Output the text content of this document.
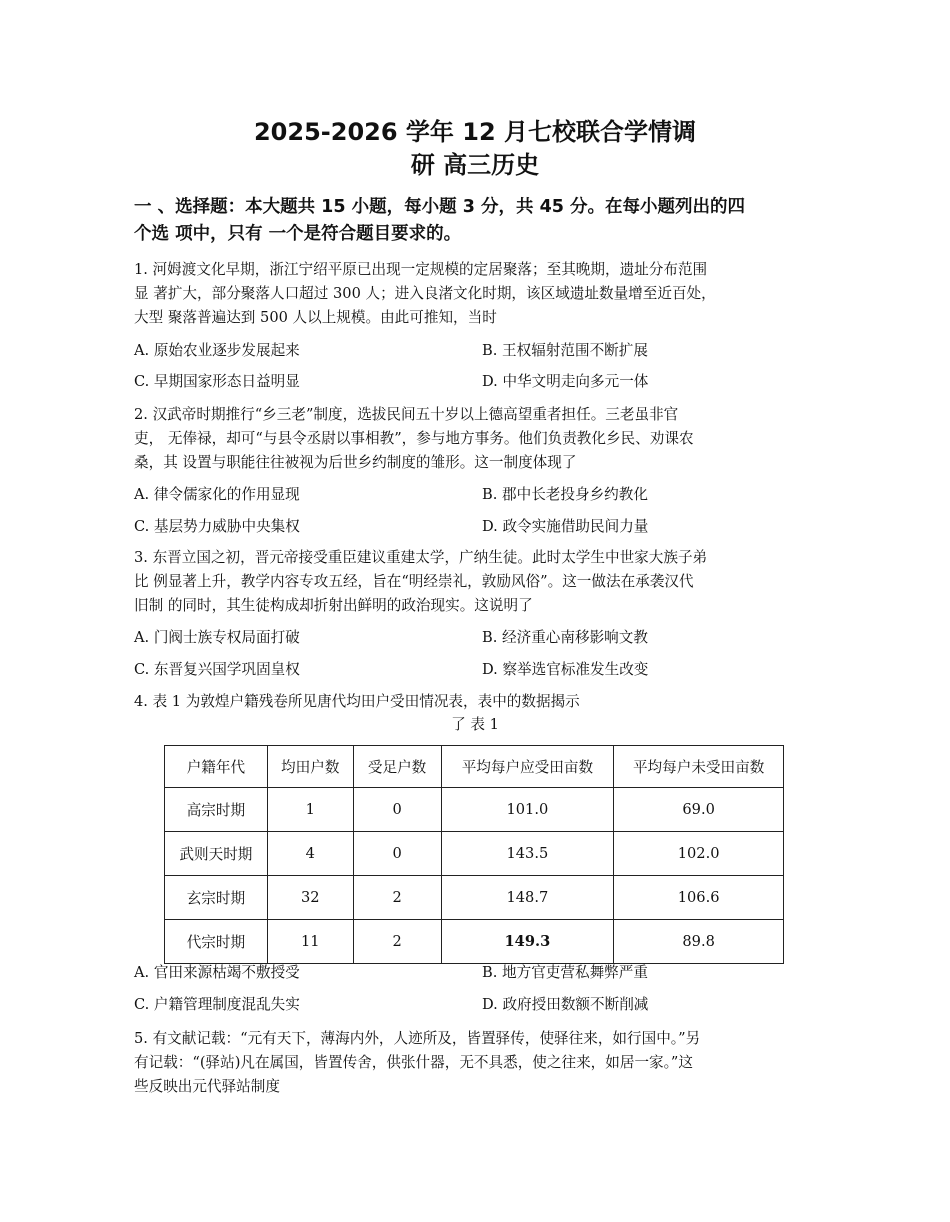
2025-2026 学年 12 月七校联合学情调
研 高三历史
一 、选择题：本大题共 15 小题，每小题 3 分，共 45 分。在每小题列出的四
个选 项中，只有 一个是符合题目要求的。
1. 河姆渡文化早期，浙江宁绍平原已出现一定规模的定居聚落；至其晚期，遗址分布范围
显 著扩大，部分聚落人口超过 300 人；进入良渚文化时期，该区域遗址数量增至近百处，
大型 聚落普遍达到 500 人以上规模。由此可推知，当时
A. 原始农业逐步发展起来	B. 王权辐射范围不断扩展
C. 早期国家形态日益明显	D. 中华文明走向多元一体
2. 汉武帝时期推行“乡三老”制度，选拔民间五十岁以上德高望重者担任。三老虽非官
吏， 无俸禄，却可“与县令丞尉以事相教”，参与地方事务。他们负责教化乡民、劝课农
桑，其 设置与职能往往被视为后世乡约制度的雏形。这一制度体现了
A. 律令儒家化的作用显现	B. 郡中长老投身乡约教化
C. 基层势力威胁中央集权	D. 政令实施借助民间力量
3. 东晋立国之初，晋元帝接受重臣建议重建太学，广纳生徒。此时太学生中世家大族子弟
比 例显著上升，教学内容专攻五经，旨在“明经崇礼，敦励风俗”。这一做法在承袭汉代
旧制 的同时，其生徒构成却折射出鲜明的政治现实。这说明了
A. 门阀士族专权局面打破	B. 经济重心南移影响文教
C. 东晋复兴国学巩固皇权	D. 察举选官标准发生改变
4. 表 1 为敦煌户籍残卷所见唐代均田户受田情况表，表中的数据揭示
了 表 1
户籍年代	均田户数	受足户数	平均每户应受田亩数	平均每户未受田亩数
高宗时期	1	0	101.0	69.0
武则天时期	4	0	143.5	102.0
玄宗时期	32	2	148.7	106.6
代宗时期	11	2	149.3	89.8
A. 官田来源枯竭不敷授受	B. 地方官吏营私舞弊严重
C. 户籍管理制度混乱失实	D. 政府授田数额不断削减
5. 有文献记载：“元有天下，薄海内外，人迹所及，皆置驿传，使驿往来，如行国中。”另
有记载：“(驿站)凡在属国，皆置传舍，供张什器，无不具悉，使之往来，如居一家。”这
些反映出元代驿站制度
